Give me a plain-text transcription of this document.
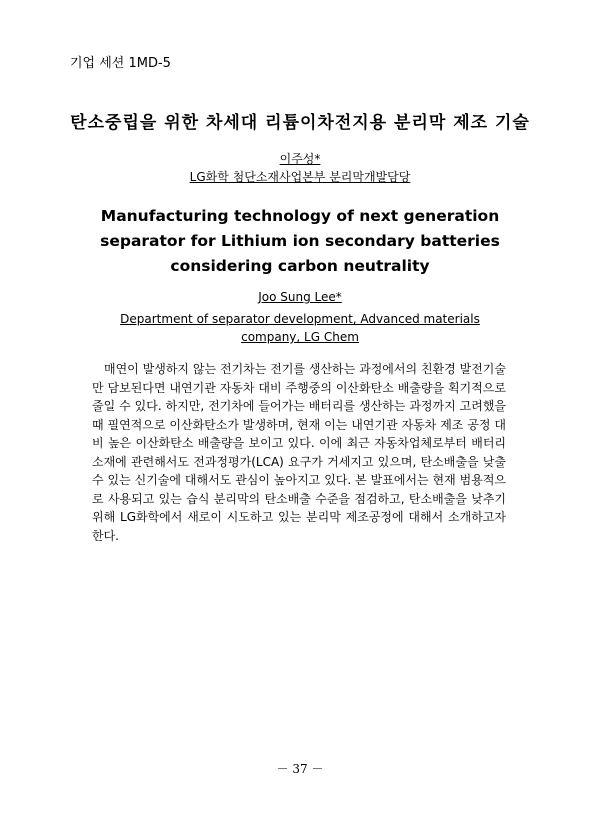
기업 세션 1MD-5
탄소중립을 위한 차세대 리튬이차전지용 분리막 제조 기술
이주성*
LG화학 첨단소재사업본부 분리막개발담당
Manufacturing technology of next generation separator for Lithium ion secondary batteries considering carbon neutrality
Joo Sung Lee*
Department of separator development, Advanced materials company, LG Chem

매연이 발생하지 않는 전기차는 전기를 생산하는 과정에서의 친환경 발전기술만 담보된다면 내연기관 자동차 대비 주행중의 이산화탄소 배출량을 획기적으로 줄일 수 있다. 하지만, 전기차에 들어가는 배터리를 생산하는 과정까지 고려했을 때 필연적으로 이산화탄소가 발생하며, 현재 이는 내연기관 자동차 제조 공정 대비 높은 이산화탄소 배출량을 보이고 있다. 이에 최근 자동차업체로부터 배터리 소재에 관련해서도 전과정평가(LCA) 요구가 거세지고 있으며, 탄소배출을 낮출 수 있는 신기술에 대해서도 관심이 높아지고 있다. 본 발표에서는 현재 범용적으로 사용되고 있는 습식 분리막의 탄소배출 수준을 점검하고, 탄소배출을 낮추기 위해 LG화학에서 새로이 시도하고 있는 분리막 제조공정에 대해서 소개하고자 한다.

－ 37 －
